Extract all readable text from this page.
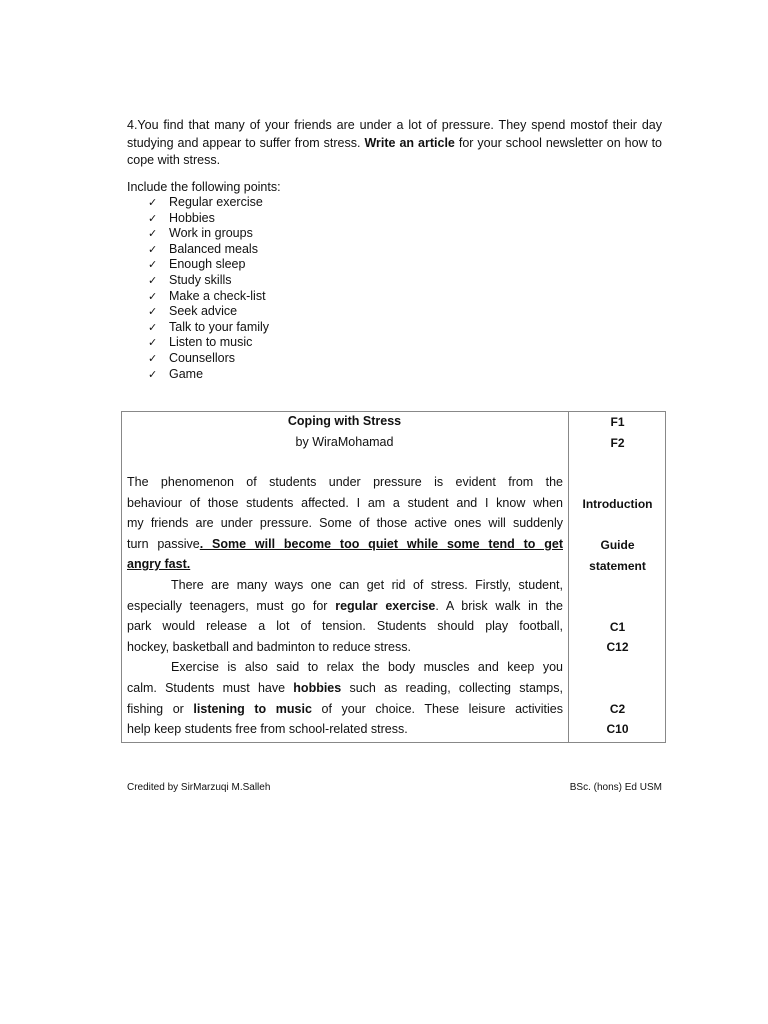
4.You find that many of your friends are under a lot of pressure. They spend mostof their day studying and appear to suffer from stress. Write an article for your school newsletter on how to cope with stress.

Include the following points:
✓ Regular exercise
✓ Hobbies
✓ Work in groups
✓ Balanced meals
✓ Enough sleep
✓ Study skills
✓ Make a check-list
✓ Seek advice
✓ Talk to your family
✓ Listen to music
✓ Counsellors
✓ Game
Coping with Stress
by WiraMohamad
The phenomenon of students under pressure is evident from the
behaviour of those students affected. I am a student and I know when
my friends are under pressure. Some of those active ones will suddenly
turn passive. Some will become too quiet while some tend to get
angry fast.
There are many ways one can get rid of stress. Firstly, student,
especially teenagers, must go for regular exercise. A brisk walk in the
park would release a lot of tension. Students should play football,
hockey, basketball and badminton to reduce stress.
Exercise is also said to relax the body muscles and keep you
calm. Students must have hobbies such as reading, collecting stamps,
fishing or listening to music of your choice. These leisure activities
help keep students free from school-related stress.
F1
F2
Introduction
Guide
statement
C1
C12
C2
C10
Credited by SirMarzuqi M.Salleh	BSc. (hons) Ed USM
